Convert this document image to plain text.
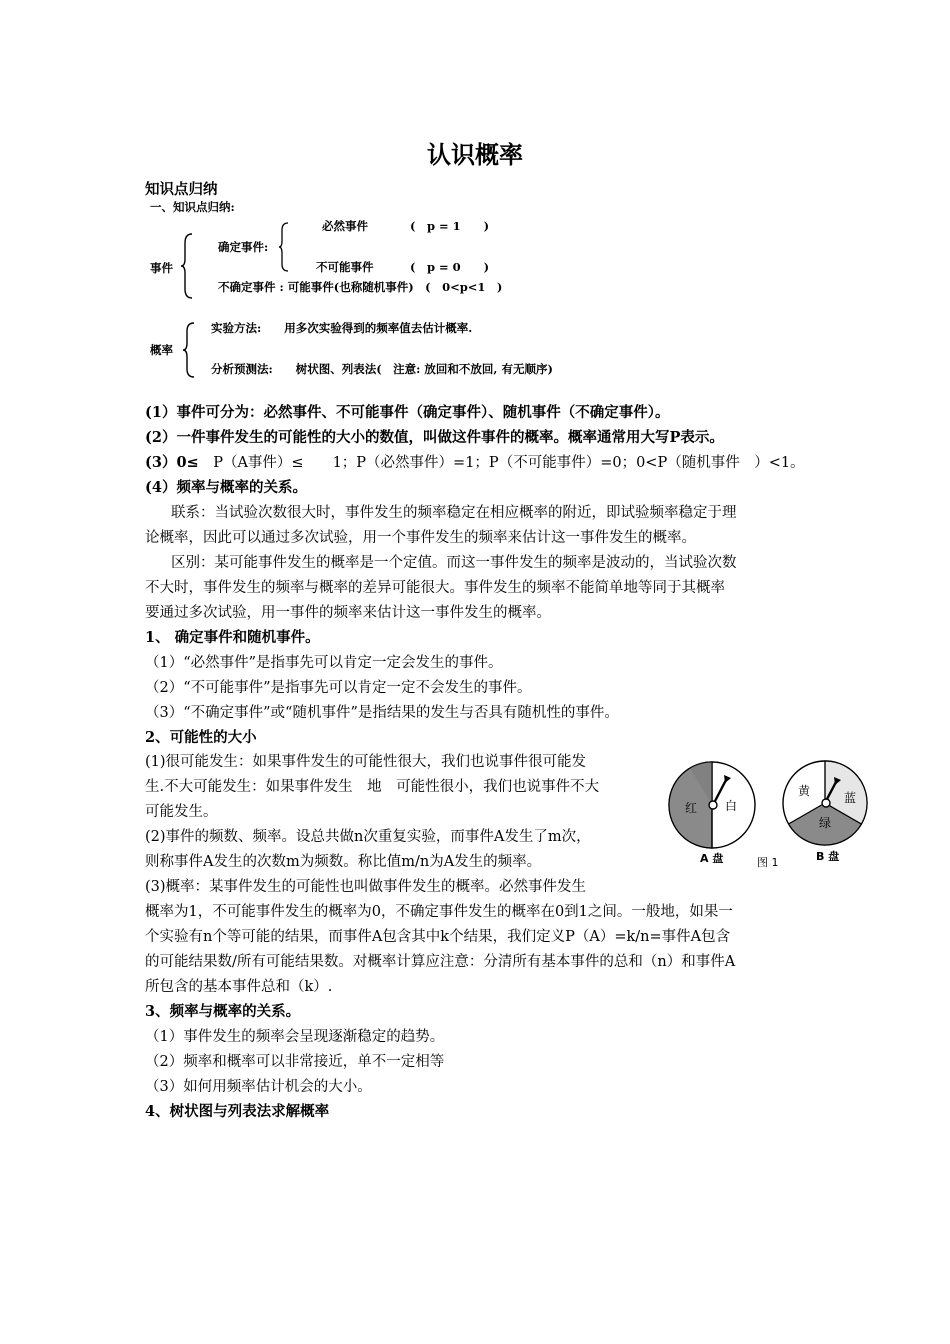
认识概率
知识点归纳
一、知识点归纳:
事件
确定事件:
必然事件	(　p = 1　　)
不可能事件	(　p = 0　　)
不确定事件 : 可能事件(也称随机事件)　(　0<p<1　)
概率
实验方法:　　用多次实验得到的频率值去估计概率.
分析预测法:　　树状图、列表法(　注意: 放回和不放回, 有无顺序)
(1）事件可分为：必然事件、不可能事件（确定事件）、随机事件（不确定事件）。
(2）一件事件发生的可能性的大小的数值，叫做这件事件的概率。概率通常用大写P表示。
(3）0≤　P（A事件）≤　　1；P（必然事件）=1；P（不可能事件）=0；0<P（随机事件　）<1。
(4）频率与概率的关系。
联系：当试验次数很大时，事件发生的频率稳定在相应概率的附近，即试验频率稳定于理
论概率，因此可以通过多次试验，用一个事件发生的频率来估计这一事件发生的概率。
区别：某可能事件发生的概率是一个定值。而这一事件发生的频率是波动的，当试验次数
不大时，事件发生的频率与概率的差异可能很大。事件发生的频率不能简单地等同于其概率
要通过多次试验，用一事件的频率来估计这一事件发生的概率。
1、 确定事件和随机事件。
（1）“必然事件”是指事先可以肯定一定会发生的事件。
（2）“不可能事件”是指事先可以肯定一定不会发生的事件。
（3）“不确定事件”或“随机事件”是指结果的发生与否具有随机性的事件。
2、可能性的大小
(1)很可能发生：如果事件发生的可能性很大，我们也说事件很可能发
生.不大可能发生：如果事件发生　地　可能性很小，我们也说事件不大
可能发生。
(2)事件的频数、频率。设总共做n次重复实验，而事件A发生了m次，
则称事件A发生的次数m为频数。称比值m/n为A发生的频率。
(3)概率：某事件发生的可能性也叫做事件发生的概率。必然事件发生
概率为1，不可能事件发生的概率为0，不确定事件发生的概率在0到1之间。一般地，如果一
个实验有n个等可能的结果，而事件A包含其中k个结果，我们定义P（A）=k/n=事件A包含
的可能结果数/所有可能结果数。对概率计算应注意：分清所有基本事件的总和（n）和事件A
所包含的基本事件总和（k）.
红 白
A 盘	图 1
黄	蓝
绿
B 盘
3、频率与概率的关系。
（1）事件发生的频率会呈现逐渐稳定的趋势。
（2）频率和概率可以非常接近，单不一定相等
（3）如何用频率估计机会的大小。
4、树状图与列表法求解概率
